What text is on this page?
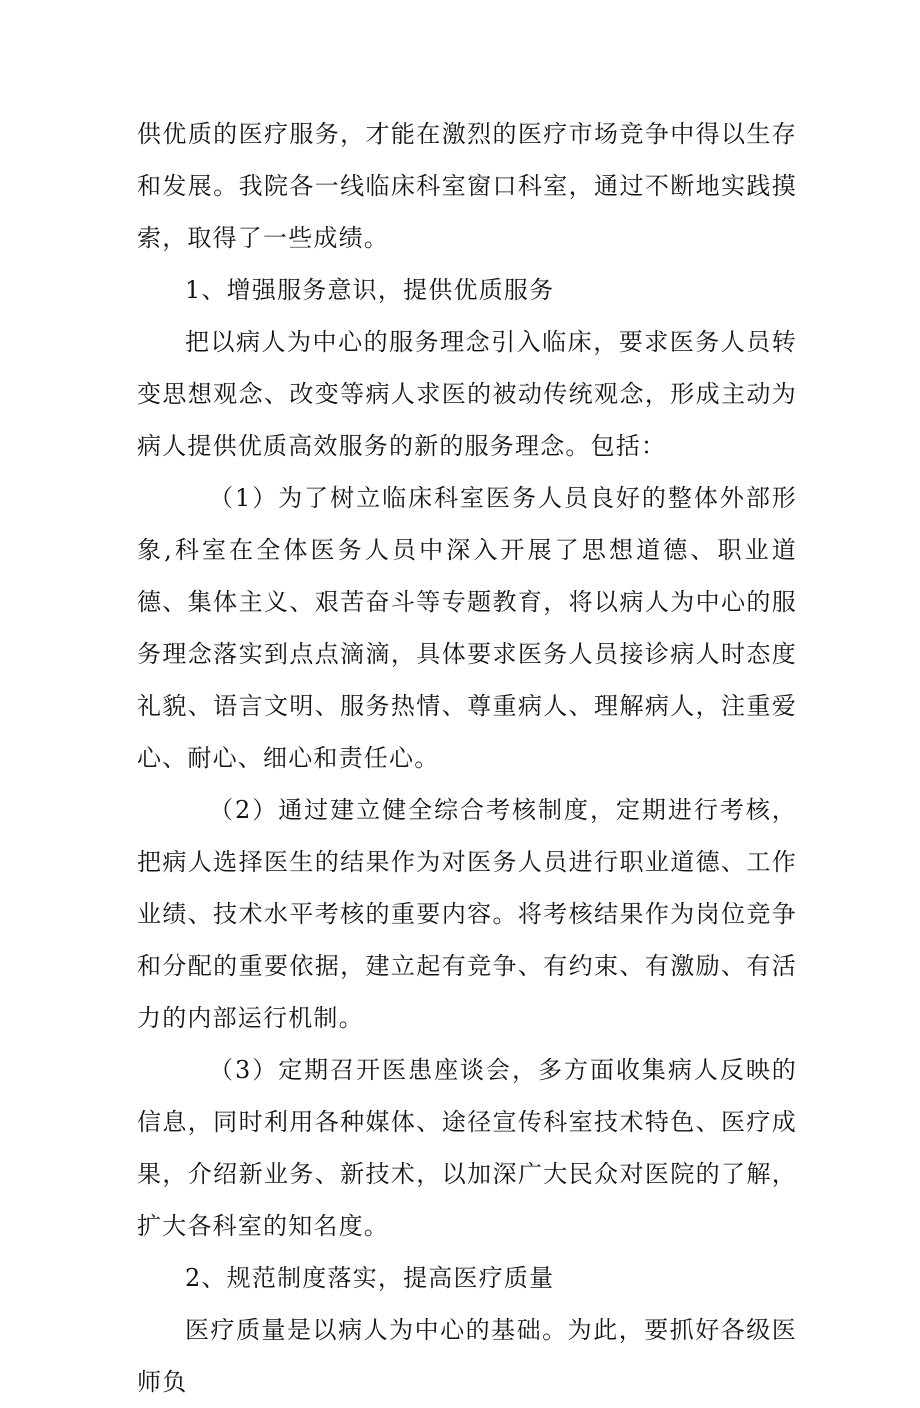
供优质的医疗服务，才能在激烈的医疗市场竞争中得以生存和发展。我院各一线临床科室窗口科室，通过不断地实践摸索，取得了一些成绩。

1、增强服务意识，提供优质服务

把以病人为中心的服务理念引入临床，要求医务人员转变思想观念、改变等病人求医的被动传统观念，形成主动为病人提供优质高效服务的新的服务理念。包括：

（1）为了树立临床科室医务人员良好的整体外部形象,科室在全体医务人员中深入开展了思想道德、职业道德、集体主义、艰苦奋斗等专题教育，将以病人为中心的服务理念落实到点点滴滴，具体要求医务人员接诊病人时态度礼貌、语言文明、服务热情、尊重病人、理解病人，注重爱心、耐心、细心和责任心。

（2）通过建立健全综合考核制度，定期进行考核，把病人选择医生的结果作为对医务人员进行职业道德、工作业绩、技术水平考核的重要内容。将考核结果作为岗位竞争和分配的重要依据，建立起有竞争、有约束、有激励、有活力的内部运行机制。

（3）定期召开医患座谈会，多方面收集病人反映的信息，同时利用各种媒体、途径宣传科室技术特色、医疗成果，介绍新业务、新技术，以加深广大民众对医院的了解，扩大各科室的知名度。

2、规范制度落实，提高医疗质量

医疗质量是以病人为中心的基础。为此，要抓好各级医师负
